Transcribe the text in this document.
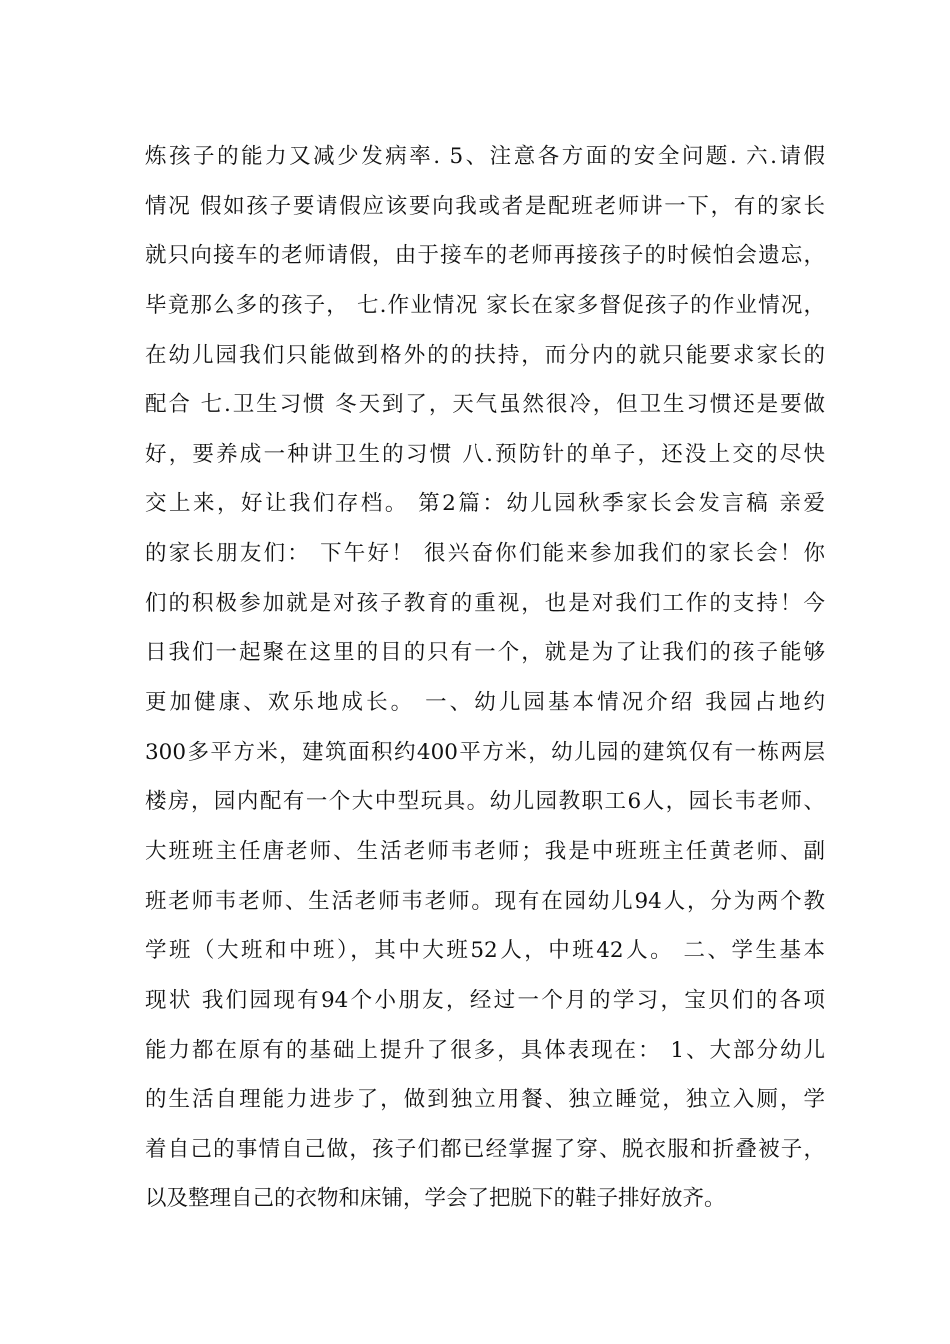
炼孩子的能力又减少发病率. 5、注意各方面的安全问题. 六.请假
情况 假如孩子要请假应该要向我或者是配班老师讲一下，有的家长
就只向接车的老师请假，由于接车的老师再接孩子的时候怕会遗忘，
毕竟那么多的孩子， 七.作业情况 家长在家多督促孩子的作业情况，
在幼儿园我们只能做到格外的的扶持，而分内的就只能要求家长的
配合 七.卫生习惯 冬天到了，天气虽然很冷，但卫生习惯还是要做
好，要养成一种讲卫生的习惯 八.预防针的单子，还没上交的尽快
交上来，好让我们存档。 第2篇：幼儿园秋季家长会发言稿 亲爱
的家长朋友们： 下午好！ 很兴奋你们能来参加我们的家长会！你
们的积极参加就是对孩子教育的重视，也是对我们工作的支持！今
日我们一起聚在这里的目的只有一个，就是为了让我们的孩子能够
更加健康、欢乐地成长。 一、幼儿园基本情况介绍 我园占地约
300多平方米，建筑面积约400平方米，幼儿园的建筑仅有一栋两层
楼房，园内配有一个大中型玩具。幼儿园教职工6人，园长韦老师、
大班班主任唐老师、生活老师韦老师；我是中班班主任黄老师、副
班老师韦老师、生活老师韦老师。现有在园幼儿94人，分为两个教
学班（大班和中班），其中大班52人，中班42人。 二、学生基本
现状 我们园现有94个小朋友，经过一个月的学习，宝贝们的各项
能力都在原有的基础上提升了很多，具体表现在： 1、大部分幼儿
的生活自理能力进步了，做到独立用餐、独立睡觉，独立入厕，学
着自己的事情自己做，孩子们都已经掌握了穿、脱衣服和折叠被子，
以及整理自己的衣物和床铺，学会了把脱下的鞋子排好放齐。
